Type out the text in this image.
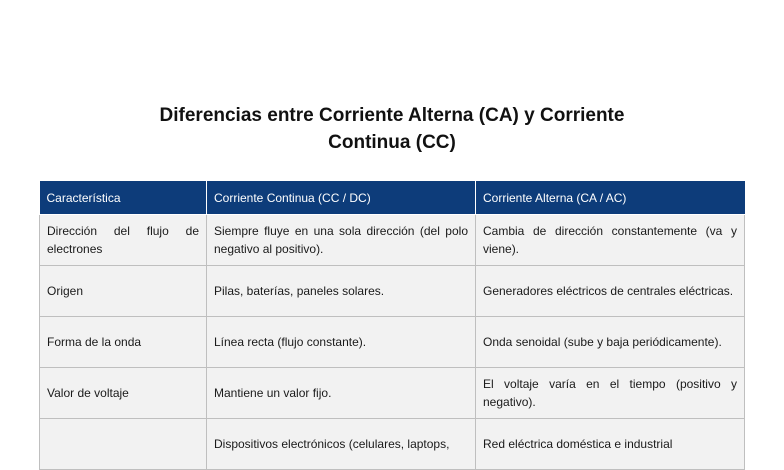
Diferencias entre Corriente Alterna (CA) y Corriente
Continua (CC)
Característica	Corriente Continua (CC / DC)	Corriente Alterna (CA / AC)
Dirección del flujo de electrones	Siempre fluye en una sola dirección (del polo negativo al positivo).	Cambia de dirección constantemente (va y viene).
Origen	Pilas, baterías, paneles solares.	Generadores eléctricos de centrales eléctricas.
Forma de la onda	Línea recta (flujo constante).	Onda senoidal (sube y baja periódicamente).
Valor de voltaje	Mantiene un valor fijo.	El voltaje varía en el tiempo (positivo y negativo).
	Dispositivos electrónicos (celulares, laptops,	Red eléctrica doméstica e industrial
